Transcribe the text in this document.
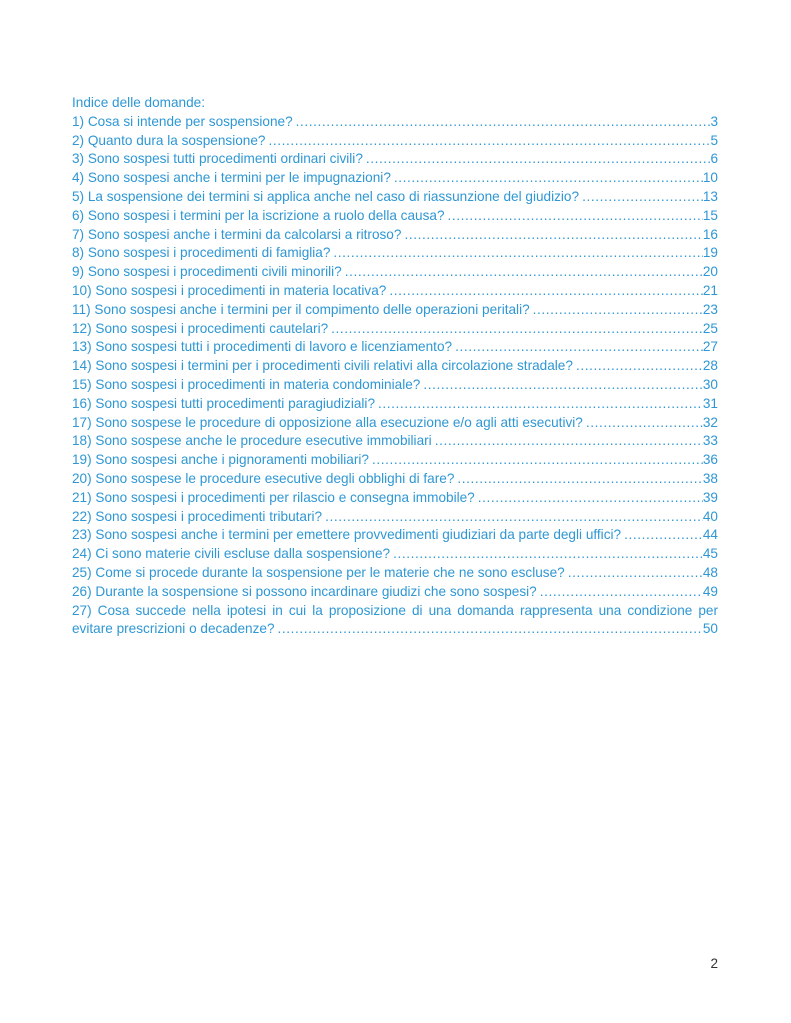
Indice delle domande:
1) Cosa si intende per sospensione? .....	3
2) Quanto dura la sospensione? .....	5
3) Sono sospesi tutti procedimenti ordinari civili? .....	6
4) Sono sospesi anche i termini per le impugnazioni? .....	10
5) La sospensione dei termini si applica anche nel caso di riassunzione del giudizio? .....	13
6) Sono sospesi i termini per la iscrizione a ruolo della causa? .....	15
7) Sono sospesi anche i termini da calcolarsi a ritroso? .....	16
8) Sono sospesi i procedimenti di famiglia? .....	19
9) Sono sospesi i procedimenti civili minorili? .....	20
10) Sono sospesi i procedimenti in materia locativa? .....	21
11) Sono sospesi anche i termini per il compimento delle operazioni peritali? .....	23
12) Sono sospesi i procedimenti cautelari? .....	25
13) Sono sospesi tutti i procedimenti di lavoro e licenziamento? .....	27
14) Sono sospesi i termini per i procedimenti civili relativi alla circolazione stradale? .....	28
15) Sono sospesi i procedimenti in materia condominiale? .....	30
16) Sono sospesi tutti procedimenti paragiudiziali? .....	31
17) Sono sospese le procedure di opposizione alla esecuzione e/o agli atti esecutivi? .....	32
18) Sono sospese anche le procedure esecutive immobiliari .....	33
19) Sono sospesi anche i pignoramenti mobiliari? .....	36
20) Sono sospese le procedure esecutive degli obblighi di fare? .....	38
21) Sono sospesi i procedimenti per rilascio e consegna immobile? .....	39
22) Sono sospesi i procedimenti tributari? .....	40
23) Sono sospesi anche i termini per emettere provvedimenti giudiziari da parte degli uffici? .....	44
24) Ci sono materie civili escluse dalla sospensione? .....	45
25) Come si procede durante la sospensione per le materie che ne sono escluse? .....	48
26) Durante la sospensione si possono incardinare giudizi che sono sospesi? .....	49
27) Cosa succede nella ipotesi in cui la proposizione di una domanda rappresenta una condizione per
evitare prescrizioni o decadenze? .....	50
2
